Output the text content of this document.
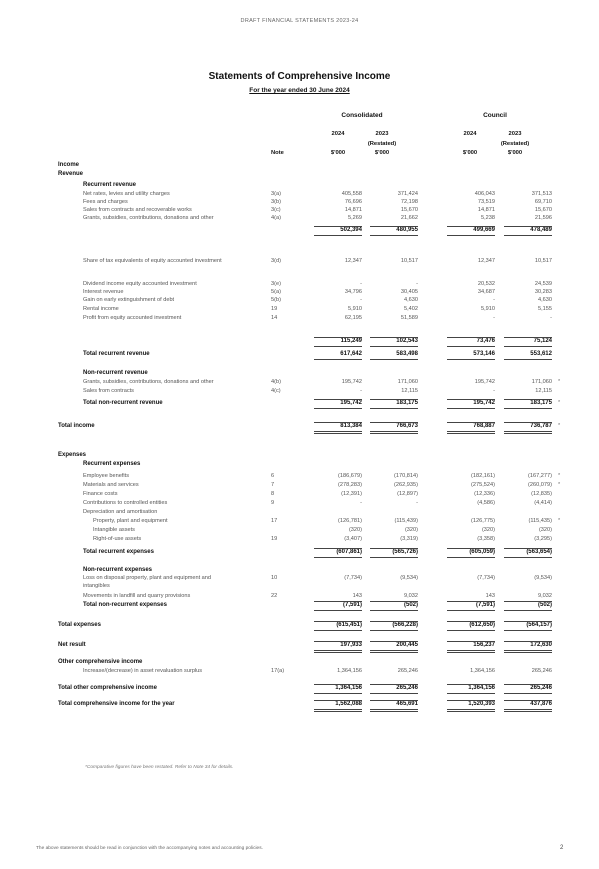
DRAFT FINANCIAL STATEMENTS 2023-24
Statements of Comprehensive Income
For the year ended 30 June 2024
Consolidated	Council
2024	2023	2024	2023
(Restated)	(Restated)
Note	$'000	$'000	$'000	$'000
Income
Revenue
Recurrent revenue
Net rates, levies and utility charges	3(a)	405,558	371,424	406,043	371,513
Fees and charges	3(b)	76,696	72,198	73,519	69,710
Sales from contracts and recoverable works	3(c)	14,871	15,670	14,871	15,670
Grants, subsidies, contributions, donations and other	4(a)	5,269	21,662	5,238	21,596
502,394	480,955	499,669	478,489
Share of tax equivalents of equity accounted investment	3(d)	12,347	10,517	12,347	10,517
Dividend income equity accounted investment	3(e)	-	-	20,532	24,539
Interest revenue	5(a)	34,796	30,405	34,687	30,283
Gain on early extinguishment of debt	5(b)	-	4,630	-	4,630
Rental income	19	5,910	5,402	5,910	5,155
Profit from equity accounted investment	14	62,195	51,589	-	-
115,249	102,543	73,476	75,124
Total recurrent revenue	617,642	583,498	573,146	553,612
Non-recurrent revenue
Grants, subsidies, contributions, donations and other	4(b)	195,742	171,060	195,742	171,060 *
Sales from contracts	4(c)	-	12,115	-	12,115
Total non-recurrent revenue	195,742	183,175	195,742	183,175 *
Total income	813,384	766,673	768,887	736,787 *
Expenses
Recurrent expenses
Employee benefits	6	(186,679)	(170,814)	(182,161)	(167,277) *
Materials and services	7	(278,283)	(262,935)	(275,524)	(260,079) *
Finance costs	8	(12,391)	(12,897)	(12,336)	(12,835)
Contributions to controlled entities	9	-	-	(4,586)	(4,414)
Depreciation and amortisation
Property, plant and equipment	17	(126,781)	(115,439)	(126,775)	(115,435) *
Intangible assets	(320)	(320)	(320)	(320)
Right-of-use assets	19	(3,407)	(3,319)	(3,358)	(3,295)
Total recurrent expenses	(607,861)	(565,726)	(605,059)	(563,654)
Non-recurrent expenses
Loss on disposal property, plant and equipment and	10	(7,734)	(9,534)	(7,734)	(9,534)
intangibles
Movements in landfill and quarry provisions	22	143	9,032	143	9,032
Total non-recurrent expenses	(7,591)	(502)	(7,591)	(502)
Total expenses	(615,451)	(566,228)	(612,650)	(564,157)
Net result	197,933	200,445	156,237	172,630
Other comprehensive income
Increase/(decrease) in asset revaluation surplus	17(a)	1,364,156	265,246	1,364,156	265,246
Total other comprehensive income	1,364,156	265,246	1,364,156	265,246
Total comprehensive income for the year	1,562,088	465,691	1,520,393	437,876
*Comparative figures have been restated. Refer to Note 34 for details.
The above statements should be read in conjunction with the accompanying notes and accounting policies.	2
